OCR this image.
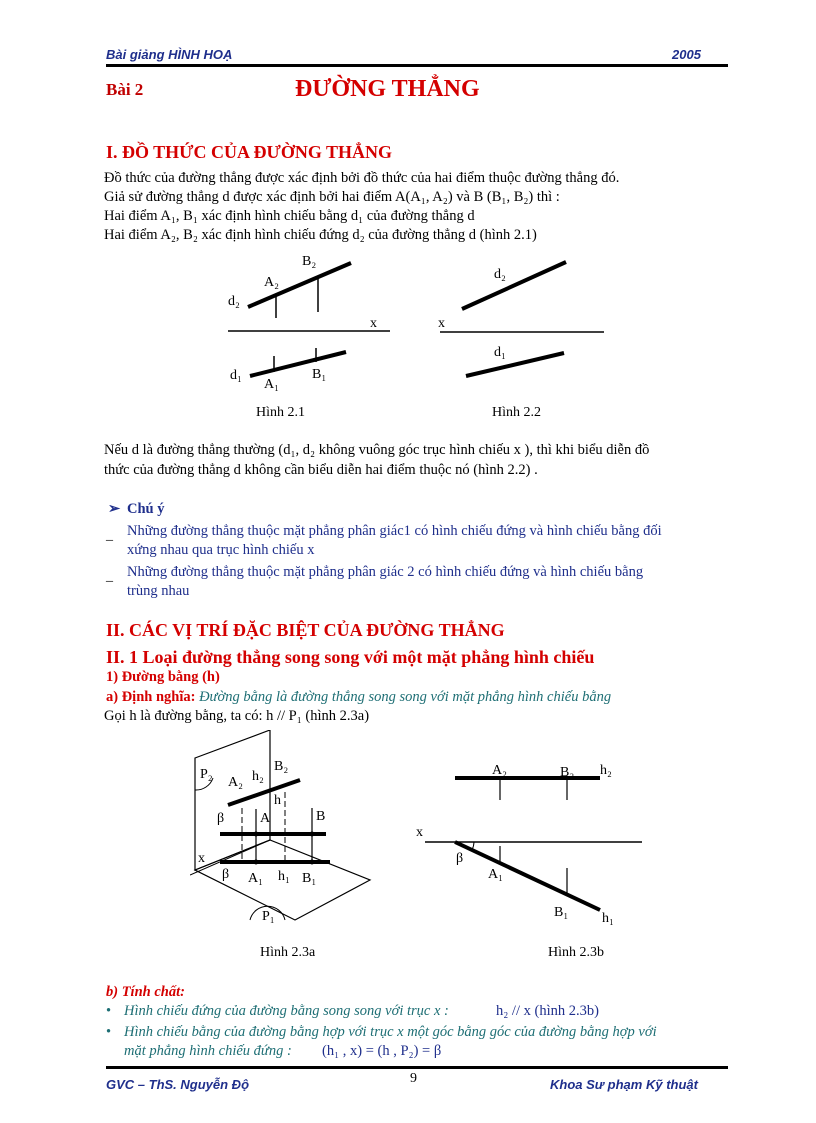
Bài giảng HÌNH HOẠ	2005
Bài 2	ĐƯỜNG THẲNG
I. ĐỒ THỨC CỦA ĐƯỜNG THẲNG
Đồ thức của đường thẳng được xác định bởi đồ thức của hai điểm thuộc đường thẳng đó.
Giả sử đường thẳng d được xác định bởi hai điểm A(A₁, A₂) và B (B₁, B₂) thì :
Hai điểm A₁, B₁ xác định hình chiếu bằng d₁ của đường thẳng d
Hai điểm A₂, B₂ xác định hình chiếu đứng d₂ của đường thẳng d (hình 2.1)
B₂
A₂
d₂
x
d₁
A₁
B₁
Hình 2.1
d₂
x
d₁
Hình 2.2
Nếu d là đường thẳng thường (d₁, d₂ không vuông góc trục hình chiếu x ), thì khi biểu diễn đồ
thức của đường thẳng d không cần biểu diễn hai điểm thuộc nó (hình 2.2) .
➢ Chú ý
_ Những đường thẳng thuộc mặt phẳng phân giác1 có hình chiếu đứng và hình chiếu bằng đối
xứng nhau qua trục hình chiếu x
_ Những đường thẳng thuộc mặt phẳng phân giác 2 có hình chiếu đứng và hình chiếu bằng
trùng nhau
II. CÁC VỊ TRÍ ĐẶC BIỆT CỦA ĐƯỜNG THẲNG
II. 1 Loại đường thẳng song song với một mặt phẳng hình chiếu
1) Đường bằng (h)
a) Định nghĩa: Đường bằng là đường thẳng song song với mặt phẳng hình chiếu bằng
Gọi h là đường bằng, ta có: h // P₁ (hình 2.3a)
P₂
A₂ h₂
B₂
h
β	A	B
x
β A₁ h₁ B₁
P₁
Hình 2.3a
A₂	B₂ h₂
x
β
A₁
B₁ h₁
Hình 2.3b
b) Tính chất:
• Hình chiếu đứng của đường bằng song song với trục x :	h₂ // x (hình 2.3b)
• Hình chiếu bằng của đường bằng hợp với trục x một góc bằng góc của đường bằng hợp với
mặt phẳng hình chiếu đứng : (h₁ , x) = (h , P₂) = β
GVC – ThS. Nguyễn Độ	9	Khoa Sư phạm Kỹ thuật
